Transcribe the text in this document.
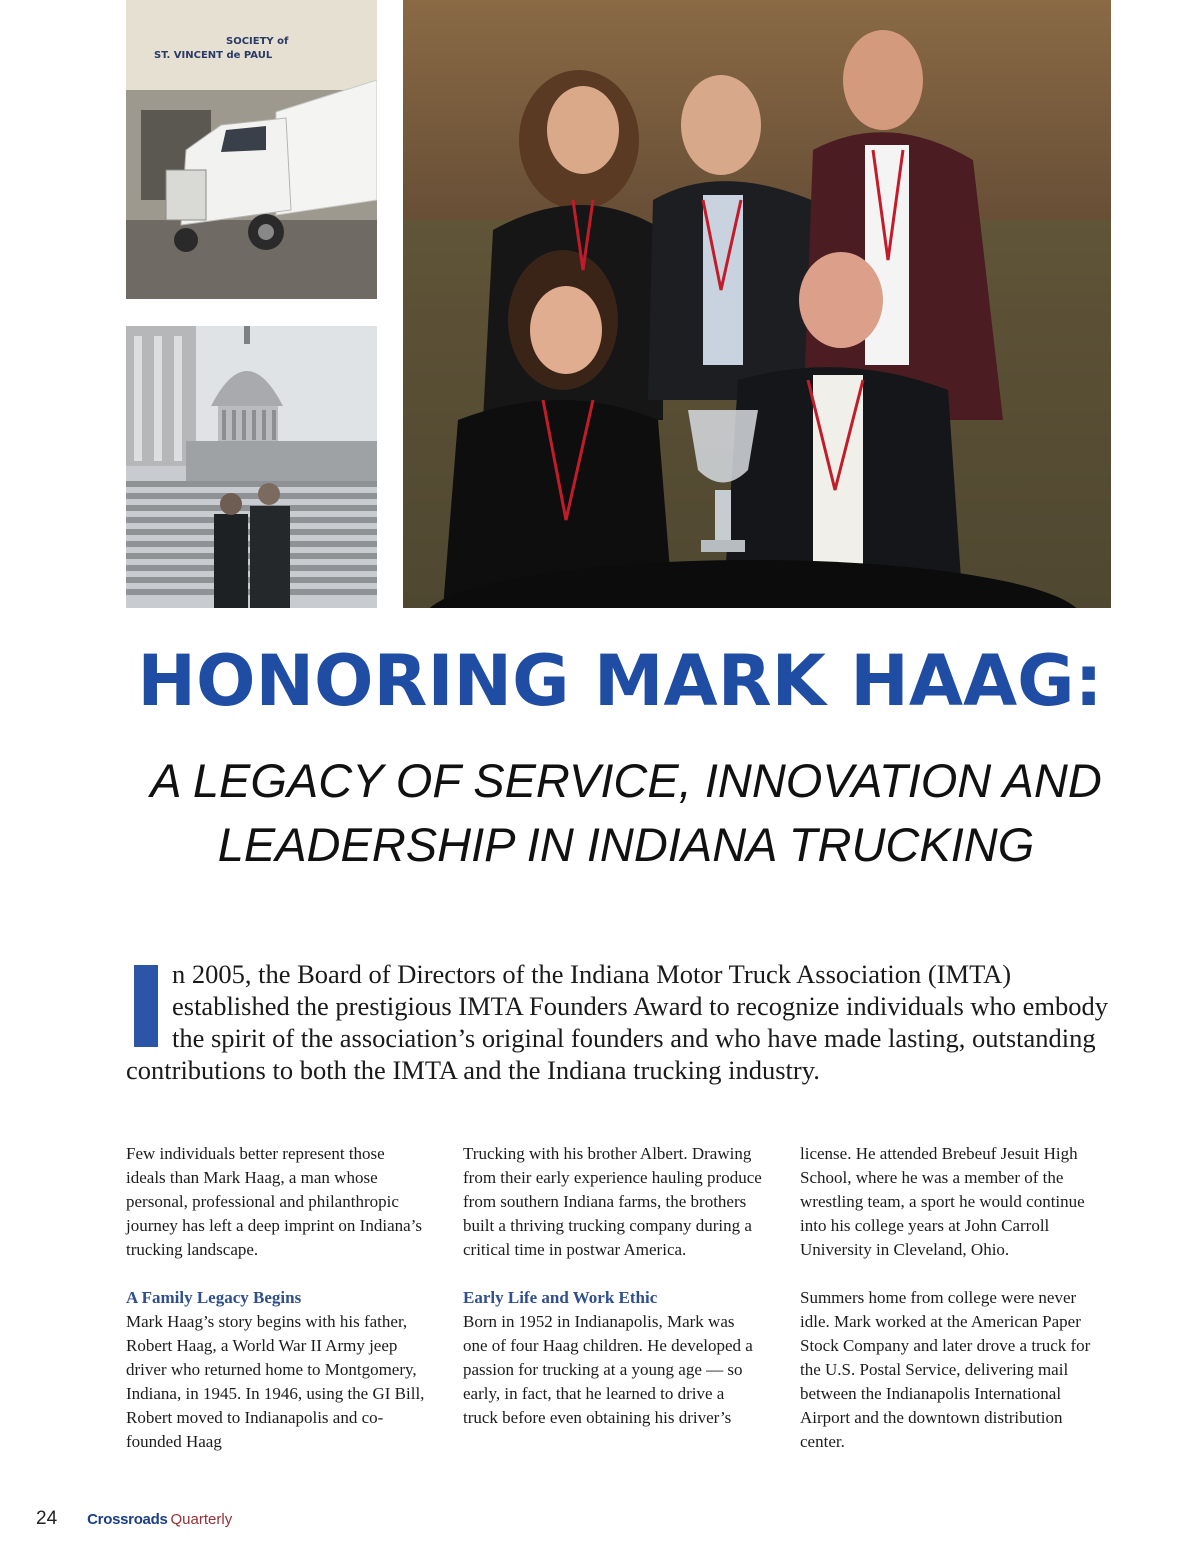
SOCIETY of
ST. VINCENT de PAUL
HONORING MARK HAAG:
A LEGACY OF SERVICE, INNOVATION AND
LEADERSHIP IN INDIANA TRUCKING
n 2005, the Board of Directors of the Indiana Motor Truck Association (IMTA)
established the prestigious IMTA Founders Award to recognize individuals who embody
the spirit of the association’s original founders and who have made lasting, outstanding
contributions to both the IMTA and the Indiana trucking industry.

Few individuals better represent those ideals than Mark Haag, a man whose personal, professional and philanthropic journey has left a deep imprint on Indiana’s trucking landscape.

A Family Legacy Begins

Mark Haag’s story begins with his father, Robert Haag, a World War II Army jeep driver who returned home to Montgomery, Indiana, in 1945. In 1946, using the GI Bill, Robert moved to Indianapolis and co-founded Haag

Trucking with his brother Albert. Drawing from their early experience hauling produce from southern Indiana farms, the brothers built a thriving trucking company during a critical time in postwar America.

Early Life and Work Ethic

Born in 1952 in Indianapolis, Mark was one of four Haag children. He developed a passion for trucking at a young age — so early, in fact, that he learned to drive a truck before even obtaining his driver’s

license. He attended Brebeuf Jesuit High School, where he was a member of the wrestling team, a sport he would continue into his college years at John Carroll University in Cleveland, Ohio.

Summers home from college were never idle. Mark worked at the American Paper Stock Company and later drove a truck for the U.S. Postal Service, delivering mail between the Indianapolis International Airport and the downtown distribution center.

24 Crossroads Quarterly
